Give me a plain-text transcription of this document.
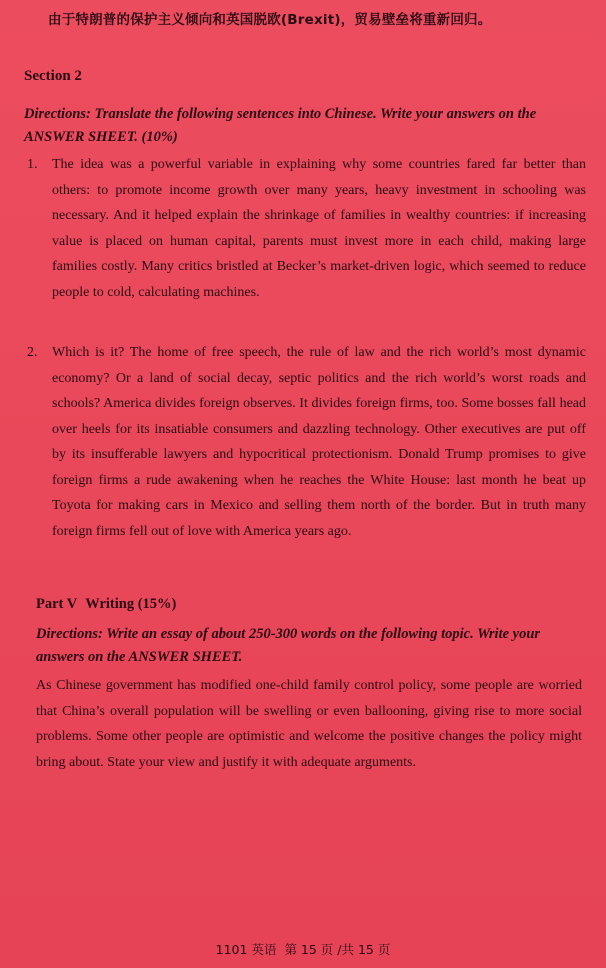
由于特朗普的保护主义倾向和英国脱欧(Brexit)，贸易壁垒将重新回归。
Section 2
Directions: Translate the following sentences into Chinese. Write your answers on the ANSWER SHEET. (10%)
1. The idea was a powerful variable in explaining why some countries fared far better than others: to promote income growth over many years, heavy investment in schooling was necessary. And it helped explain the shrinkage of families in wealthy countries: if increasing value is placed on human capital, parents must invest more in each child, making large families costly. Many critics bristled at Becker’s market-driven logic, which seemed to reduce people to cold, calculating machines.
2. Which is it? The home of free speech, the rule of law and the rich world’s most dynamic economy? Or a land of social decay, septic politics and the rich world’s worst roads and schools? America divides foreign observes. It divides foreign firms, too. Some bosses fall head over heels for its insatiable consumers and dazzling technology. Other executives are put off by its insufferable lawyers and hypocritical protectionism. Donald Trump promises to give foreign firms a rude awakening when he reaches the White House: last month he beat up Toyota for making cars in Mexico and selling them north of the border. But in truth many foreign firms fell out of love with America years ago.
Part V Writing (15%)
Directions: Write an essay of about 250-300 words on the following topic. Write your answers on the ANSWER SHEET.
As Chinese government has modified one-child family control policy, some people are worried that China’s overall population will be swelling or even ballooning, giving rise to more social problems. Some other people are optimistic and welcome the positive changes the policy might bring about. State your view and justify it with adequate arguments.
1101 英语 第 15 页 /共 15 页
